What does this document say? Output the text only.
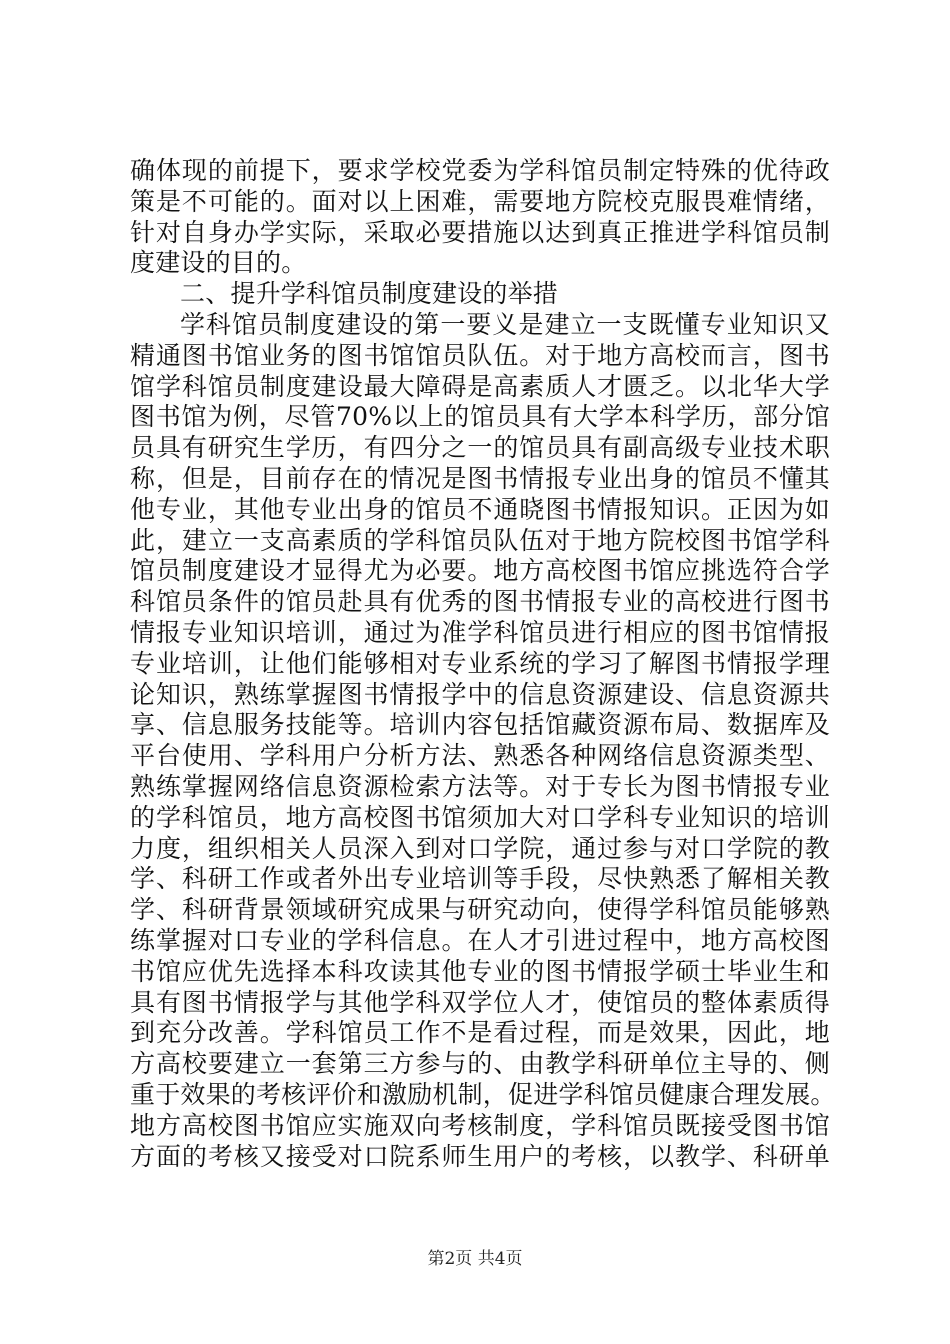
确体现的前提下，要求学校党委为学科馆员制定特殊的优待政
策是不可能的。面对以上困难，需要地方院校克服畏难情绪，
针对自身办学实际，采取必要措施以达到真正推进学科馆员制
度建设的目的。
二、提升学科馆员制度建设的举措
学科馆员制度建设的第一要义是建立一支既懂专业知识又
精通图书馆业务的图书馆馆员队伍。对于地方高校而言，图书
馆学科馆员制度建设最大障碍是高素质人才匮乏。以北华大学
图书馆为例，尽管70%以上的馆员具有大学本科学历，部分馆
员具有研究生学历，有四分之一的馆员具有副高级专业技术职
称，但是，目前存在的情况是图书情报专业出身的馆员不懂其
他专业，其他专业出身的馆员不通晓图书情报知识。正因为如
此，建立一支高素质的学科馆员队伍对于地方院校图书馆学科
馆员制度建设才显得尤为必要。地方高校图书馆应挑选符合学
科馆员条件的馆员赴具有优秀的图书情报专业的高校进行图书
情报专业知识培训，通过为准学科馆员进行相应的图书馆情报
专业培训，让他们能够相对专业系统的学习了解图书情报学理
论知识，熟练掌握图书情报学中的信息资源建设、信息资源共
享、信息服务技能等。培训内容包括馆藏资源布局、数据库及
平台使用、学科用户分析方法、熟悉各种网络信息资源类型、
熟练掌握网络信息资源检索方法等。对于专长为图书情报专业
的学科馆员，地方高校图书馆须加大对口学科专业知识的培训
力度，组织相关人员深入到对口学院，通过参与对口学院的教
学、科研工作或者外出专业培训等手段，尽快熟悉了解相关教
学、科研背景领域研究成果与研究动向，使得学科馆员能够熟
练掌握对口专业的学科信息。在人才引进过程中，地方高校图
书馆应优先选择本科攻读其他专业的图书情报学硕士毕业生和
具有图书情报学与其他学科双学位人才，使馆员的整体素质得
到充分改善。学科馆员工作不是看过程，而是效果，因此，地
方高校要建立一套第三方参与的、由教学科研单位主导的、侧
重于效果的考核评价和激励机制，促进学科馆员健康合理发展。
地方高校图书馆应实施双向考核制度，学科馆员既接受图书馆
方面的考核又接受对口院系师生用户的考核，以教学、科研单
第2页 共4页
